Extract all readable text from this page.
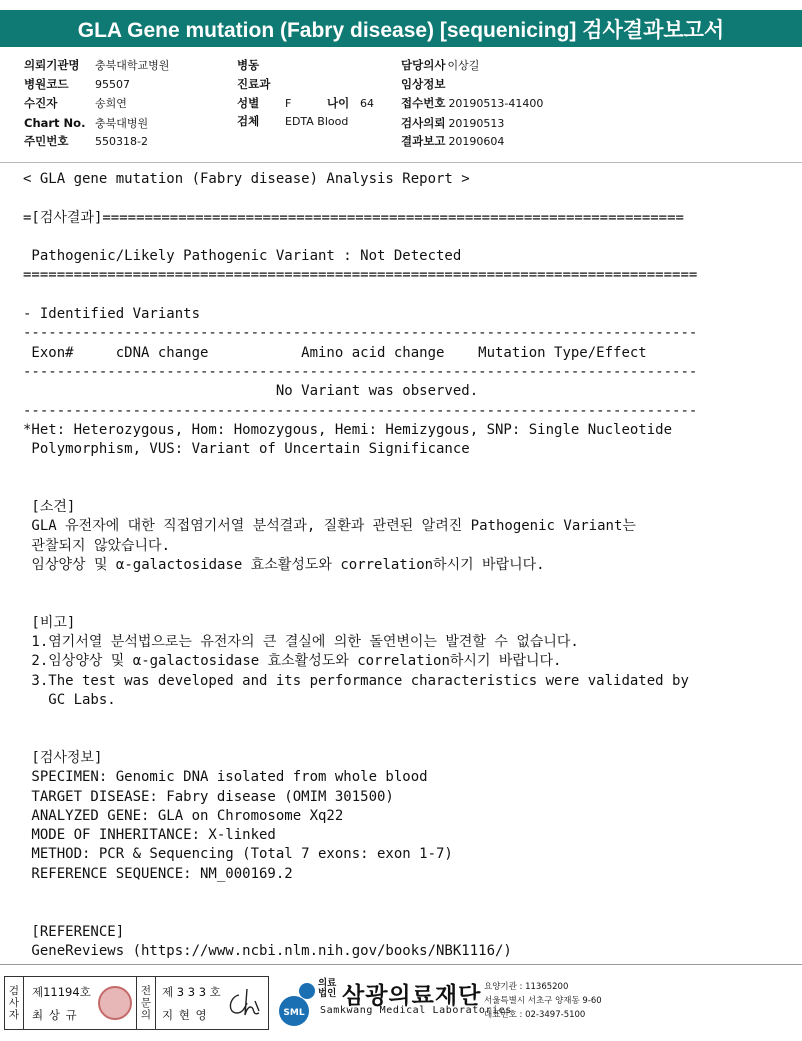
GLA Gene mutation (Fabry disease) [sequenicing] 검사결과보고서
의뢰기관명 충북대학교병원
병원코드 95507
수진자	송희연
Chart No. 충북대병원
주민번호 550318-2
병동
진료과
성별 F	나이 64
검체 EDTA Blood
담당의사 이상길
임상정보
접수번호 20190513-41400
검사의뢰 20190513
결과보고 20190604
< GLA gene mutation (Fabry disease) Analysis Report >
=[검사결과]=====================================================================
Pathogenic/Likely Pathogenic Variant : Not Detected
================================================================================
- Identified Variants
--------------------------------------------------------------------------------
Exon#     cDNA change           Amino acid change    Mutation Type/Effect
--------------------------------------------------------------------------------
No Variant was observed.
--------------------------------------------------------------------------------
*Het: Heterozygous, Hom: Homozygous, Hemi: Hemizygous, SNP: Single Nucleotide
Polymorphism, VUS: Variant of Uncertain Significance
[소견]
GLA 유전자에 대한 직접염기서열 분석결과, 질환과 관련된 알려진 Pathogenic Variant는
관찰되지 않았습니다.
임상양상 및 α-galactosidase 효소활성도와 correlation하시기 바랍니다.
[비고]
1.염기서열 분석법으로는 유전자의 큰 결실에 의한 돌연변이는 발견할 수 없습니다.
2.임상양상 및 α-galactosidase 효소활성도와 correlation하시기 바랍니다.
3.The test was developed and its performance characteristics were validated by
GC Labs.
[검사정보]
SPECIMEN: Genomic DNA isolated from whole blood
TARGET DISEASE: Fabry disease (OMIM 301500)
ANALYZED GENE: GLA on Chromosome Xq22
MODE OF INHERITANCE: X-linked
METHOD: PCR & Sequencing (Total 7 exons: exon 1-7)
REFERENCE SEQUENCE: NM_000169.2
[REFERENCE]
GeneReviews (https://www.ncbi.nlm.nih.gov/books/NBK1116/)
검
사
자
제11194호
최 상 규
전
문
의
제 3 3 3 호
지 현 영	SML
의료법인 삼광의료재단
Samkwang Medical Laboratories
요양기관 : 11365200
서울특별시 서초구 양재동 9-60
대표번호 : 02-3497-5100
